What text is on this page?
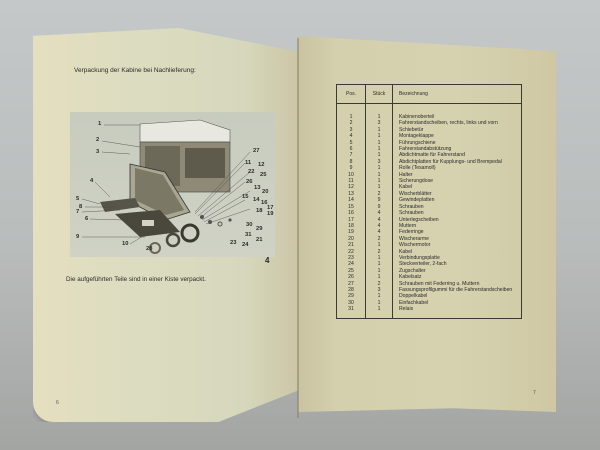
Verpackung der Kabine bei Nachlieferung:
1
2
3
4
5
6
7
8
9
10
28
27
11 12
22 25
26
13
20
15 14 16
17
19
18
29
30
21
31
23 24
4
Die aufgeführten Teile sind in einer Kiste verpackt.
6
7
Pos.	Stück	Bezeichnung

1	1	Kabinenoberteil
2	3	Fahrerstandscheiben, rechts, links und vorn
3	1	Schiebetür
4	1	Montageklappe
5	1	Führungschiene
6	1	Fahrerstandabstützung
7	1	Abdichtmatte für Fahrerstand
8	3	Abdichtplatten für Kupplungs- und Brempedal
9	1	Rolle (Tesamoll)
10	1	Halter
11	1	Sicherungdose
12	1	Kabel
13	2	Wischerblätter
14	9	Gewindeplatten
15	9	Schrauben
16	4	Schrauben
17	4	Unterlegscheiben
18	4	Muttern
19	4	Federringe
20	2	Wischerarme
21	1	Wischermotor
22	2	Kabel
23	1	Verbindungsplatte
24	1	Steckverteiler, 2-fach
25	1	Zugschalter
26	1	Kabelsatz
27	2	Schrauben mit Federring u. Muttern
28	3	Fassungsprofilgummi für die Fahrerstandscheiben
29	1	Doppelkabel
30	1	Einfachkabel
31	1	Relais
